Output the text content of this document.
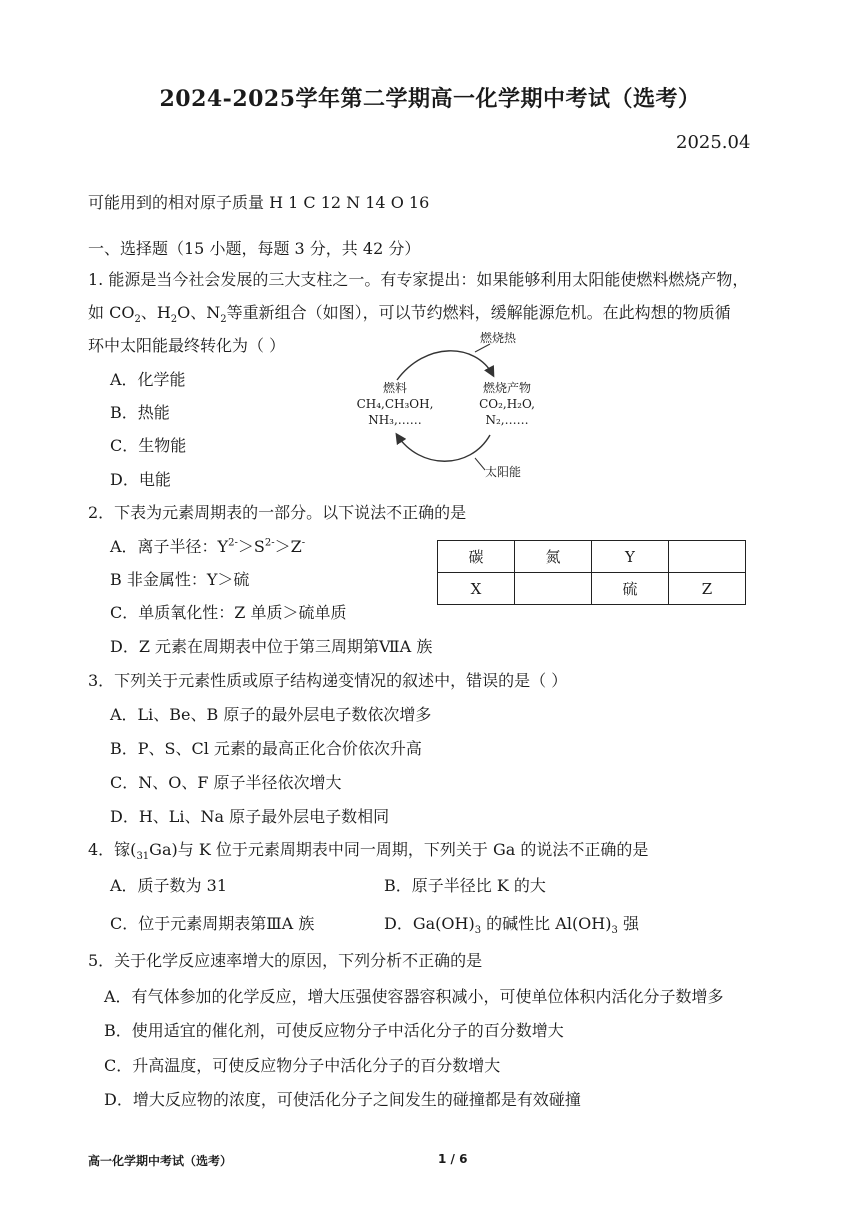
2024-2025学年第二学期高一化学期中考试（选考）
2025.04
可能用到的相对原子质量 H 1 C 12 N 14 O 16
一、选择题（15 小题，每题 3 分，共 42 分）
1. 能源是当今社会发展的三大支柱之一。有专家提出：如果能够利用太阳能使燃料燃烧产物，
如 $CO_2$、$H_2O$、$N_2$等重新组合（如图），可以节约燃料，缓解能源危机。在此构想的物质循
环中太阳能最终转化为（ ）
A．化学能
B．热能
C．生物能
D．电能
燃烧热
燃料
CH₄,CH₃OH,
NH₃,……
燃烧产物
CO₂,H₂O,
N₂,……
太阳能
2．下表为元素周期表的一部分。以下说法不正确的是
A．离子半径：$Y^{2-}>S^{2-}>Z^-$
B 非金属性：Y＞硫
C．单质氧化性：Z 单质＞硫单质
D．Z 元素在周期表中位于第三周期第ⅦA 族
碳	氮	Y	
X		硫	Z
3．下列关于元素性质或原子结构递变情况的叙述中，错误的是（ ）
A．Li、Be、B 原子的最外层电子数依次增多
B．P、S、Cl 元素的最高正化合价依次升高
C．N、O、F 原子半径依次增大
D．H、Li、Na 原子最外层电子数相同
4．镓$(_{31}Ga)$与 K 位于元素周期表中同一周期，下列关于 Ga 的说法不正确的是
A．质子数为 31	B．原子半径比 K 的大
C．位于元素周期表第ⅢA 族	D．$Ga(OH)_3$ 的碱性比 $Al(OH)_3$ 强
5．关于化学反应速率增大的原因，下列分析不正确的是
A．有气体参加的化学反应，增大压强使容器容积减小，可使单位体积内活化分子数增多
B．使用适宜的催化剂，可使反应物分子中活化分子的百分数增大
C．升高温度，可使反应物分子中活化分子的百分数增大
D．增大反应物的浓度，可使活化分子之间发生的碰撞都是有效碰撞
高一化学期中考试（选考）	1 / 6
